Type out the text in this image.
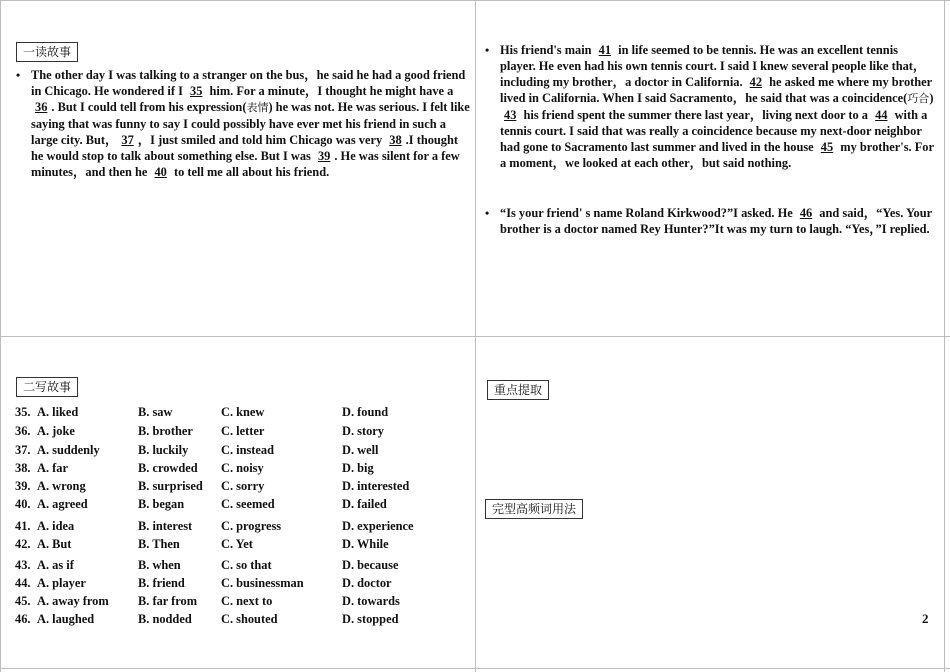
一读故事
• The other day I was talking to a stranger on the bus，he said he had a good friend in Chicago. He wondered if I 35 him. For a minute，I thought he might have a 36 . But I could tell from his expression(表情) he was not. He was serious. I felt like saying that was funny to say I could possibly have ever met his friend in such a large city. But， 37 ，I just smiled and told him Chicago was very 38 .I thought he would stop to talk about something else. But I was 39 . He was silent for a few minutes，and then he 40 to tell me all about his friend.

• His friend's main 41 in life seemed to be tennis. He was an excellent tennis player. He even had his own tennis court. I said I knew several people like that，including my brother，a doctor in California. 42 he asked me where my brother lived in California. When I said Sacramento，he said that was a coincidence(巧合) 43 his friend spent the summer there last year，living next door to a 44 with a tennis court. I said that was really a coincidence because my next-door neighbor had gone to Sacramento last summer and lived in the house 45 my brother's. For a moment，we looked at each other，but said nothing.

• “Is your friend' s name Roland Kirkwood?”I asked. He 46 and said，“Yes. Your brother is a doctor named Rey Hunter?”It was my turn to laugh. “Yes，”I replied.

二写故事
35. A. liked	B. saw	C. knew	D. found
36. A. joke	B. brother C. letter	D. story
37. A. suddenly	B. luckily	C. instead	D. well
38. A. far	B. crowded C. noisy	D. big
39. A. wrong	B. surprised C. sorry	D. interested
40. A. agreed	B. began	C. seemed	D. failed
41. A. idea	B. interest C. progress	D. experience
42. A. But	B. Then	C. Yet	D. While
43. A. as if	B. when	C. so that	D. because
44. A. player	B. friend	C. businessman	D. doctor
45. A. away from B. far from C. next to	D. towards
46. A. laughed	B. nodded C. shouted	D. stopped
重点提取
完型高频词用法
2
